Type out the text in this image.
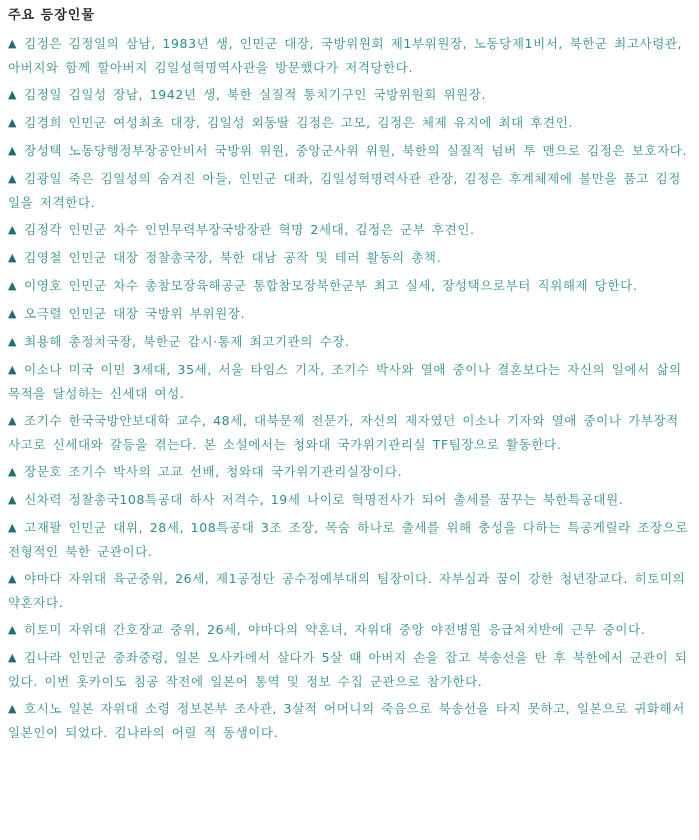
주요 등장인물

▲ 김정은 김정일의 삼남, 1983년 생, 인민군 대장, 국방위원회 제1부위원장, 노동당제1비서, 북한군 최고사령관, 아버지와 함께 할아버지 김일성혁명역사관을 방문했다가 저격당한다.

▲ 김정일 김일성 장남, 1942년 생, 북한 실질적 통치기구인 국방위원회 위원장.

▲ 김경희 인민군 여성최초 대장, 김일성 외동딸 김정은 고모, 김정은 체제 유지에 최대 후견인.

▲ 장성택 노동당행정부장공안비서 국방위 위원, 중앙군사위 위원, 북한의 실질적 넘버 투 맨으로 김정은 보호자다.

▲ 김광일 죽은 김일성의 숨겨진 아들, 인민군 대좌, 김일성혁명력사관 관장, 김정은 후계체제에 불만을 품고 김정일을 저격한다.

▲ 김정각 인민군 차수 인민무력부장국방장관 혁명 2세대, 김정은 군부 후견인.

▲ 김영철 인민군 대장 정찰총국장, 북한 대남 공작 및 테러 활동의 총책.

▲ 이영호 인민군 차수 총참모장육해공군 통합참모장북한군부 최고 실세, 장성택으로부터 직위해제 당한다.

▲ 오극렬 인민군 대장 국방위 부위원장.

▲ 최용해 총정치국장, 북한군 감시·통제 최고기관의 수장.

▲ 이소나 미국 이민 3세대, 35세, 서울 타임스 기자, 조기수 박사와 열애 중이나 결혼보다는 자신의 일에서 삶의 목적을 달성하는 신세대 여성.

▲ 조기수 한국국방안보대학 교수, 48세, 대북문제 전문가, 자신의 제자였던 이소나 기자와 열애 중이나 가부장적 사고로 신세대와 갈등을 겪는다. 본 소설에서는 청와대 국가위기관리실 TF팀장으로 활동한다.

▲ 장문호 조기수 박사의 고교 선배, 청와대 국가위기관리실장이다.

▲ 신차력 정찰총국108특공대 하사 저격수, 19세 나이로 혁명전사가 되어 출세를 꿈꾸는 북한특공대원.

▲ 고재팔 인민군 대위, 28세, 108특공대 3조 조장, 목숨 하나로 출세를 위해 충성을 다하는 특공게릴라 조장으로 전형적인 북한 군관이다.

▲ 야마다 자위대 육군중위, 26세, 제1공정단 공수정예부대의 팀장이다. 자부심과 꿈이 강한 청년장교다. 히토미의 약혼자다.

▲ 히토미 자위대 간호장교 중위, 26세, 야마다의 약혼녀, 자위대 중앙 야전병원 응급처치반에 근무 중이다.

▲ 김나라 인민군 중좌중령, 일본 오사카에서 살다가 5살 때 아버지 손을 잡고 북송선을 탄 후 북한에서 군관이 되었다. 이번 홋카이도 침공 작전에 일본어 통역 및 정보 수집 군관으로 참가한다.

▲ 호시노 일본 자위대 소령 정보본부 조사관, 3살적 어머니의 죽음으로 북송선을 타지 못하고, 일본으로 귀화해서 일본인이 되었다. 김나라의 어릴 적 동생이다.
